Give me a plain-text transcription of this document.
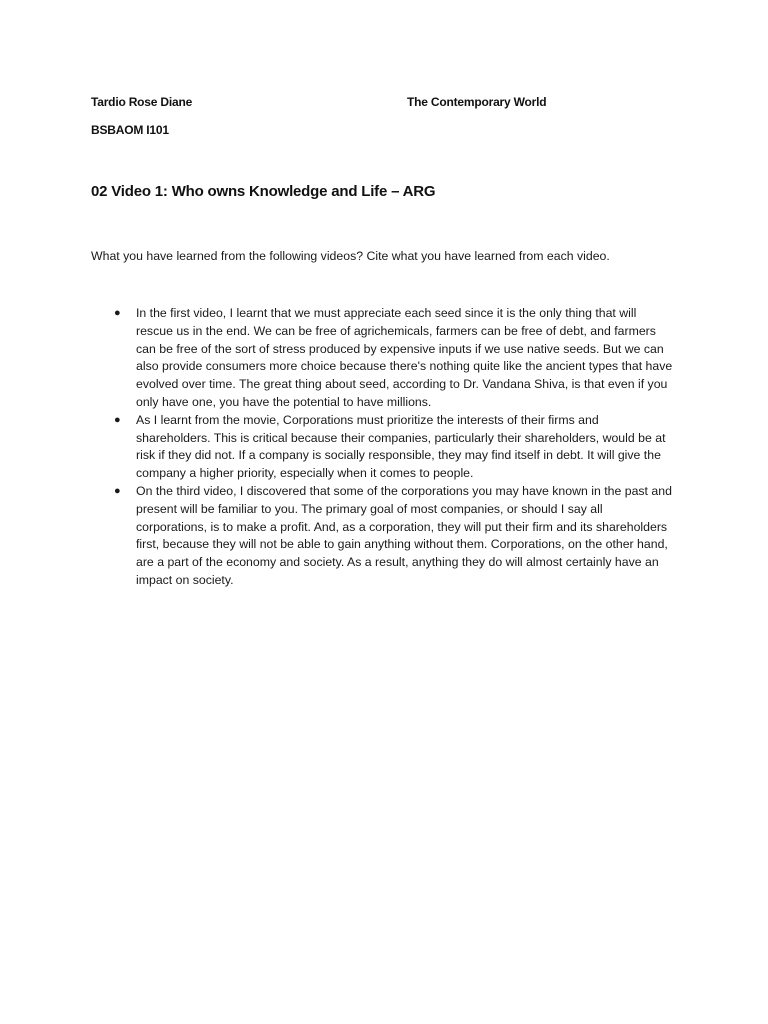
Tardio Rose Diane	The Contemporary World
BSBAOM I101
02 Video 1: Who owns Knowledge and Life – ARG
What you have learned from the following videos? Cite what you have learned from each video.
● In the first video, I learnt that we must appreciate each seed since it is the only thing that will rescue us in the end. We can be free of agrichemicals, farmers can be free of debt, and farmers can be free of the sort of stress produced by expensive inputs if we use native seeds. But we can also provide consumers more choice because there's nothing quite like the ancient types that have evolved over time. The great thing about seed, according to Dr. Vandana Shiva, is that even if you only have one, you have the potential to have millions.
● As I learnt from the movie, Corporations must prioritize the interests of their firms and shareholders. This is critical because their companies, particularly their shareholders, would be at risk if they did not. If a company is socially responsible, they may find itself in debt. It will give the company a higher priority, especially when it comes to people.
● On the third video, I discovered that some of the corporations you may have known in the past and present will be familiar to you. The primary goal of most companies, or should I say all corporations, is to make a profit. And, as a corporation, they will put their firm and its shareholders first, because they will not be able to gain anything without them. Corporations, on the other hand, are a part of the economy and society. As a result, anything they do will almost certainly have an impact on society.
